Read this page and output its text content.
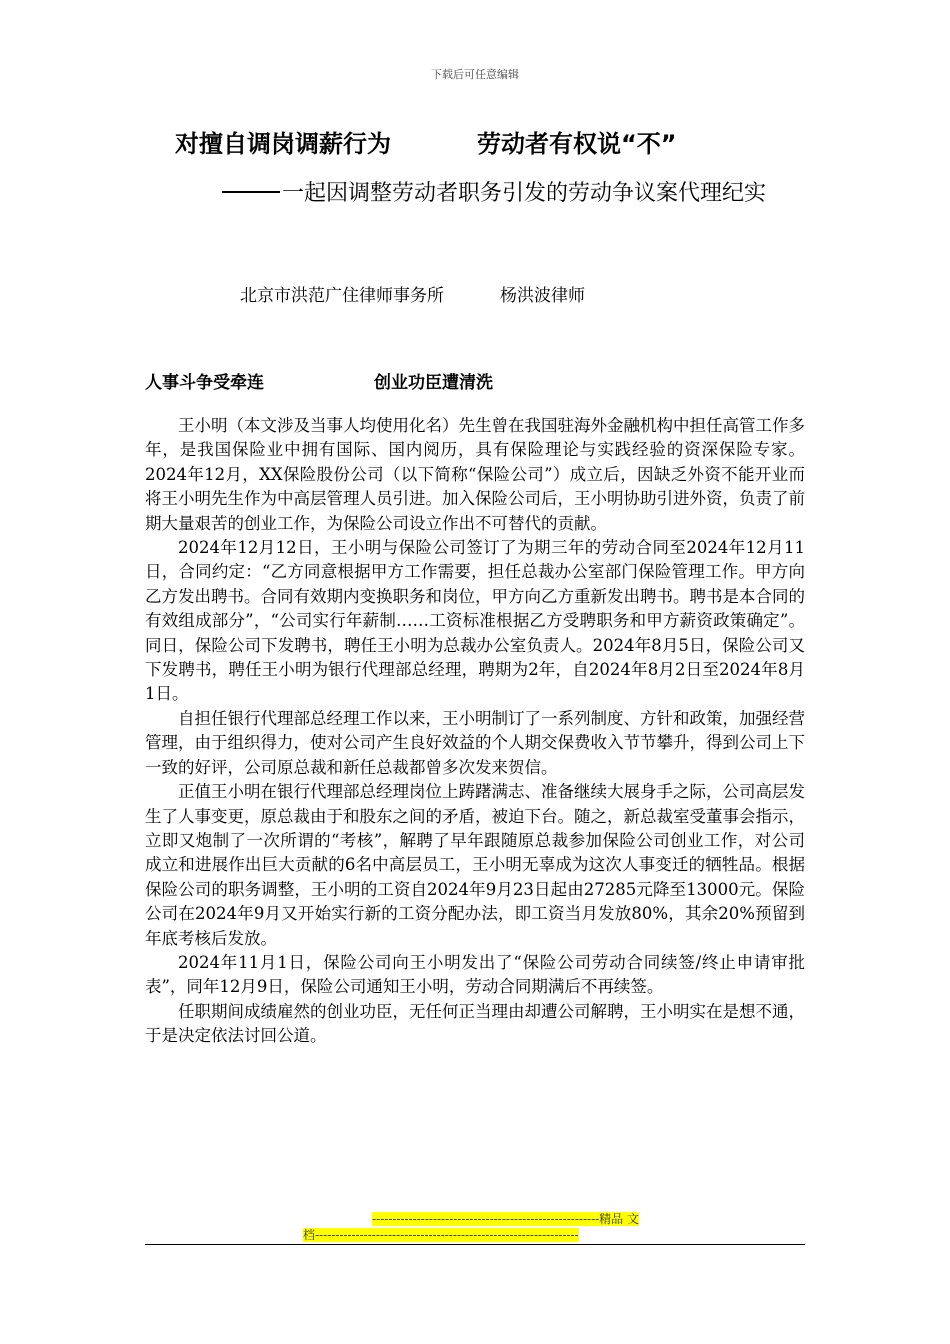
下载后可任意编辑
对擅自调岗调薪行为	劳动者有权说“不”
一起因调整劳动者职务引发的劳动争议案代理纪实
北京市洪范广住律师事务所	杨洪波律师
人事斗争受牵连	创业功臣遭清洗

王小明（本文涉及当事人均使用化名）先生曾在我国驻海外金融机构中担任高管工作多年，是我国保险业中拥有国际、国内阅历，具有保险理论与实践经验的资深保险专家。2024年12月，XX保险股份公司（以下简称“保险公司”）成立后，因缺乏外资不能开业而将王小明先生作为中高层管理人员引进。加入保险公司后，王小明协助引进外资，负责了前期大量艰苦的创业工作，为保险公司设立作出不可替代的贡献。

2024年12月12日，王小明与保险公司签订了为期三年的劳动合同至2024年12月11日，合同约定：“乙方同意根据甲方工作需要，担任总裁办公室部门保险管理工作。甲方向乙方发出聘书。合同有效期内变换职务和岗位，甲方向乙方重新发出聘书。聘书是本合同的有效组成部分”，“公司实行年薪制……工资标准根据乙方受聘职务和甲方薪资政策确定”。同日，保险公司下发聘书，聘任王小明为总裁办公室负责人。2024年8月5日，保险公司又下发聘书，聘任王小明为银行代理部总经理，聘期为2年，自2024年8月2日至2024年8月1日。

自担任银行代理部总经理工作以来，王小明制订了一系列制度、方针和政策，加强经营管理，由于组织得力，使对公司产生良好效益的个人期交保费收入节节攀升，得到公司上下一致的好评，公司原总裁和新任总裁都曾多次发来贺信。

正值王小明在银行代理部总经理岗位上踌躇满志、准备继续大展身手之际，公司高层发生了人事变更，原总裁由于和股东之间的矛盾，被迫下台。随之，新总裁室受董事会指示，立即又炮制了一次所谓的“考核”，解聘了早年跟随原总裁参加保险公司创业工作，对公司成立和进展作出巨大贡献的6名中高层员工，王小明无辜成为这次人事变迁的牺牲品。根据保险公司的职务调整，王小明的工资自2024年9月23日起由27285元降至13000元。保险公司在2024年9月又开始实行新的工资分配办法，即工资当月发放80%，其余20%预留到年底考核后发放。

2024年11月1日，保险公司向王小明发出了“保险公司劳动合同续签/终止申请审批表”，同年12月9日，保险公司通知王小明，劳动合同期满后不再续签。

任职期间成绩雇然的创业功臣，无任何正当理由却遭公司解聘，王小明实在是想不通，于是决定依法讨回公道。

--------------------------------------------------------精品 文
档-----------------------------------------------------------------
